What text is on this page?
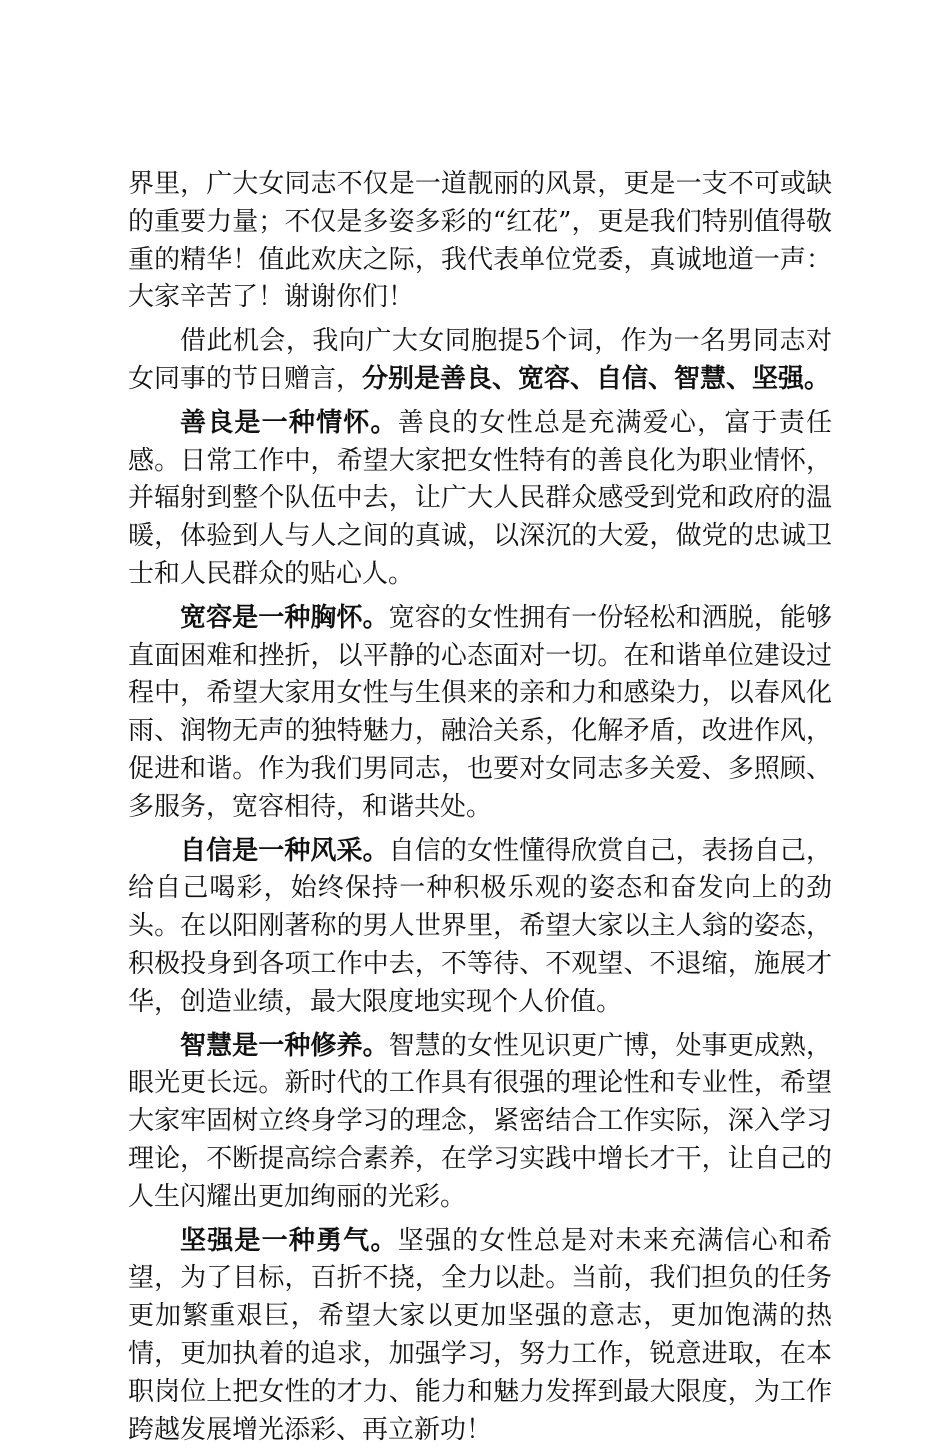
界里，广大女同志不仅是一道靓丽的风景，更是一支不可或缺的重要力量；不仅是多姿多彩的“红花”，更是我们特别值得敬重的精华！值此欢庆之际，我代表单位党委，真诚地道一声：大家辛苦了！谢谢你们！

借此机会，我向广大女同胞提5个词，作为一名男同志对女同事的节日赠言，分别是善良、宽容、自信、智慧、坚强。

善良是一种情怀。善良的女性总是充满爱心，富于责任感。日常工作中，希望大家把女性特有的善良化为职业情怀，并辐射到整个队伍中去，让广大人民群众感受到党和政府的温暖，体验到人与人之间的真诚，以深沉的大爱，做党的忠诚卫士和人民群众的贴心人。

宽容是一种胸怀。宽容的女性拥有一份轻松和洒脱，能够直面困难和挫折，以平静的心态面对一切。在和谐单位建设过程中，希望大家用女性与生俱来的亲和力和感染力，以春风化雨、润物无声的独特魅力，融洽关系，化解矛盾，改进作风，促进和谐。作为我们男同志，也要对女同志多关爱、多照顾、多服务，宽容相待，和谐共处。

自信是一种风采。自信的女性懂得欣赏自己，表扬自己，给自己喝彩，始终保持一种积极乐观的姿态和奋发向上的劲头。在以阳刚著称的男人世界里，希望大家以主人翁的姿态，积极投身到各项工作中去，不等待、不观望、不退缩，施展才华，创造业绩，最大限度地实现个人价值。

智慧是一种修养。智慧的女性见识更广博，处事更成熟，眼光更长远。新时代的工作具有很强的理论性和专业性，希望大家牢固树立终身学习的理念，紧密结合工作实际，深入学习理论，不断提高综合素养，在学习实践中增长才干，让自己的人生闪耀出更加绚丽的光彩。

坚强是一种勇气。坚强的女性总是对未来充满信心和希望，为了目标，百折不挠，全力以赴。当前，我们担负的任务更加繁重艰巨，希望大家以更加坚强的意志，更加饱满的热情，更加执着的追求，加强学习，努力工作，锐意进取，在本职岗位上把女性的才力、能力和魅力发挥到最大限度，为工作跨越发展增光添彩、再立新功！
